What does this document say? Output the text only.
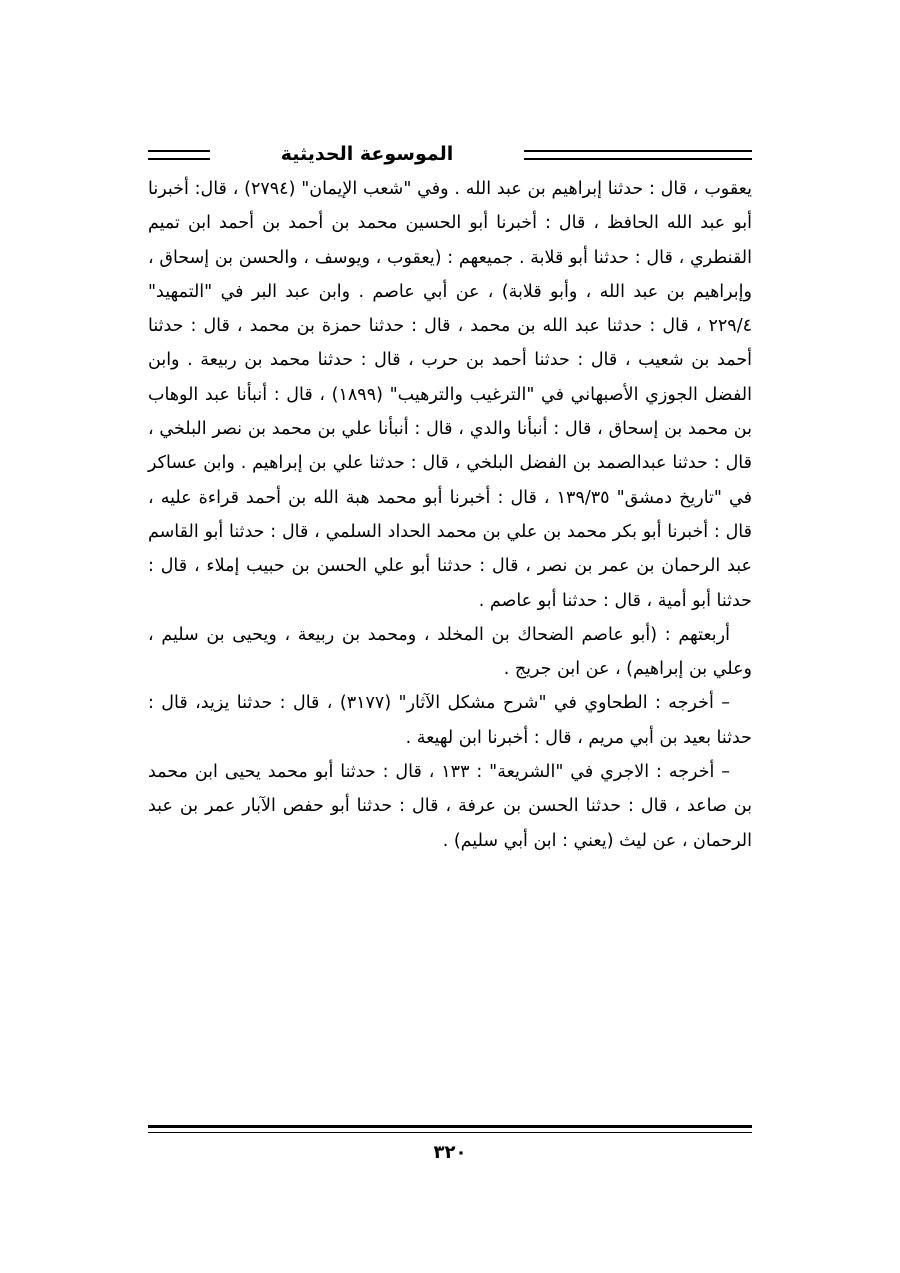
الموسوعة الحديثية

يعقوب ، قال : حدثنا إبراهيم بن عبد الله . وفي "شعب الإيمان" (٢٧٩٤) ، قال: أخبرنا أبو عبد الله الحافظ ، قال : أخبرنا أبو الحسين محمد بن أحمد بن أحمد ابن تميم القنطري ، قال : حدثنا أبو قلابة . جميعهم : (يعقوب ، ويوسف ، والحسن بن إسحاق ، وإبراهيم بن عبد الله ، وأبو قلابة) ، عن أبي عاصم . وابن عبد البر في "التمهيد" ٢٢٩/٤ ، قال : حدثنا عبد الله بن محمد ، قال : حدثنا حمزة بن محمد ، قال : حدثنا أحمد بن شعيب ، قال : حدثنا أحمد بن حرب ، قال : حدثنا محمد بن ربيعة . وابن الفضل الجوزي الأصبهاني في "الترغيب والترهيب" (١٨٩٩) ، قال : أنبأنا عبد الوهاب بن محمد بن إسحاق ، قال : أنبأنا والدي ، قال : أنبأنا علي بن محمد بن نصر البلخي ، قال : حدثنا عبدالصمد بن الفضل البلخي ، قال : حدثنا علي بن إبراهيم . وابن عساكر في "تاريخ دمشق" ١٣٩/٣٥ ، قال : أخبرنا أبو محمد هبة الله بن أحمد قراءة عليه ، قال : أخبرنا أبو بكر محمد بن علي بن محمد الحداد السلمي ، قال : حدثنا أبو القاسم عبد الرحمان بن عمر بن نصر ، قال : حدثنا أبو علي الحسن بن حبيب إملاء ، قال : حدثنا أبو أمية ، قال : حدثنا أبو عاصم .

أربعتهم : (أبو عاصم الضحاك بن المخلد ، ومحمد بن ربيعة ، ويحيى بن سليم ، وعلي بن إبراهيم) ، عن ابن جريج .

– أخرجه : الطحاوي في "شرح مشكل الآثار" (٣١٧٧) ، قال : حدثنا يزيد، قال : حدثنا بعيد بن أبي مريم ، قال : أخبرنا ابن لهيعة .

– أخرجه : الاجري في "الشريعة" : ١٣٣ ، قال : حدثنا أبو محمد يحيى ابن محمد بن صاعد ، قال : حدثنا الحسن بن عرفة ، قال : حدثنا أبو حفص الآبار عمر بن عبد الرحمان ، عن ليث (يعني : ابن أبي سليم) .

٣٢٠
